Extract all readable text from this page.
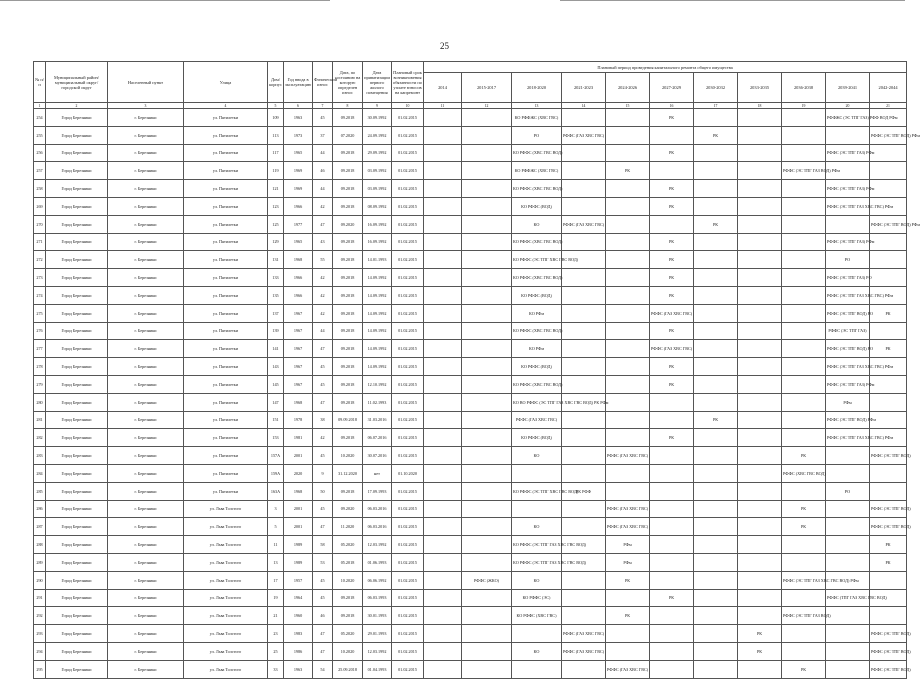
25
№ п/п	Муниципальный район/ муниципальный округ/ городской округ	Населенный пункт	Улица	Дом/ корпус	Год ввода в эксплуатацию	Физический износ	Дата, по состоянию на которую определен износ	Дата приватизации первого жилого помещения	Плановый срок возникновения обязанности по уплате взносов на капремонт	Плановый период проведения капитального ремонта общего имущества										
										2014	2015-2017	2018-2020	2021-2023	2024-2026	2027-2029	2030-2032	2033-2035	2036-2038	2039-2041	2042-2044
1	2	3	4	5	6	7	8	9	10	11	12	13	14	15	16	17	18	19	20	21
254	Город Березники	г. Березники	ул. Пятилетки	109	1963	45	09.2018	30.09.1992	01.02.2015			КО РФФЖС (ХВС ГВС)			РК				РФФЖС (ЭС ТПГ ГАЗ) РФФ ВОД РФм	
255	Город Березники	г. Березники	ул. Пятилетки	113	1973	37	07.2020	24.09.1992	01.02.2015			РО	РФФС (ГАЗ ХВС ГВС)			РК				РФФС (ЭС ТПГ ВОД) РФм
256	Город Березники	г. Березники	ул. Пятилетки	117	1965	44	09.2018	29.09.1992	01.02.2015			КО РФФС (ХВС ГВС ВОД)			РК				РФФС (ЭС ТПГ ГАЗ) РФм	
257	Город Березники	г. Березники	ул. Пятилетки	119	1969	46	09.2018	03.09.1992	01.02.2015			КО РФФЖС (ХВС ГВС)		РК				РФФС (ЭС ТПГ ГАЗ ВОД) РФм		
258	Город Березники	г. Березники	ул. Пятилетки	121	1969	44	09.2018	03.09.1992	01.02.2015			КО РФФС (ХВС ГВС ВОД)			РК				РФФС (ЭС ТПГ ГАЗ) РФм	
269	Город Березники	г. Березники	ул. Пятилетки	123	1966	42	09.2018	08.09.1992	01.02.2015			КО РФФС (ВОД)			РК				РФФС (ЭС ТПГ ГАЗ ХВС ГВС) РФм	
270	Город Березники	г. Березники	ул. Пятилетки	125	1977	47	09.2020	16.09.1992	01.02.2015			КО	РФФС (ГАЗ ХВС ГВС)			РК				РФФС (ЭС ТПГ ВОД) РФм
271	Город Березники	г. Березники	ул. Пятилетки	129	1965	43	09.2018	16.09.1992	01.02.2015			КО РФФС (ХВС ГВС ВОД)			РК				РФФС (ЭС ТПГ ГАЗ) РФм	
272	Город Березники	г. Березники	ул. Пятилетки	131	1968	55	09.2018	14.01.1993	01.02.2015			КО РФФС (ЭС ТПГ ХВС ГВС ВОД)			РК				РО	
273	Город Березники	г. Березники	ул. Пятилетки	133	1966	42	09.2018	14.09.1992	01.02.2015			КО РФФС (ХВС ГВС ВОД)			РК				РФФС (ЭС ТПГ ГАЗ) РО	
274	Город Березники	г. Березники	ул. Пятилетки	135	1966	42	09.2018	14.09.1992	01.02.2015			КО РФФС (ВОД)			РК				РФФС (ЭС ТПГ ГАЗ ХВС ГВС) РФм	
275	Город Березники	г. Березники	ул. Пятилетки	137	1967	42	09.2018	14.09.1992	01.02.2015			КО РФм			РФФС (ГАЗ ХВС ГВС)				РФФС (ЭС ТПГ ВОД) РО	РК
276	Город Березники	г. Березники	ул. Пятилетки	139	1967	44	09.2018	14.09.1992	01.02.2015			КО РФФС (ХВС ГВС ВОД)			РК				РФФС (ЭС ТПГ ГАЗ)	
277	Город Березники	г. Березники	ул. Пятилетки	141	1967	47	09.2018	14.09.1992	01.02.2015			КО РФм			РФФС (ГАЗ ХВС ГВС)				РФФС (ЭС ТПГ ВОД) РО	РК
278	Город Березники	г. Березники	ул. Пятилетки	143	1967	45	09.2018	14.09.1992	01.02.2015			КО РФФС (ВОД)			РК				РФФС (ЭС ТПГ ГАЗ ХВС ГВС) РФм	
279	Город Березники	г. Березники	ул. Пятилетки	145	1967	45	09.2018	12.10.1992	01.02.2015			КО РФФС (ХВС ГВС ВОД)			РК				РФФС (ЭС ТПГ ГАЗ) РФм	
280	Город Березники	г. Березники	ул. Пятилетки	147	1968	47	09.2018	11.02.1993	01.02.2015			КО ВО РФФС (ЭС ТПГ ГАЗ ХВС ГВС ВОД) РК РФм							РФм	
281	Город Березники	г. Березники	ул. Пятилетки	151	1978	38	09.09.2018	31.03.2016	01.02.2015			РФФС (ГАЗ ХВС ГВС)				РК			РФФС (ЭС ТПГ ВОД) РФм	
282	Город Березники	г. Березники	ул. Пятилетки	153	1981	42	09.2018	06.07.2016	01.02.2015			КО РФФС (ВОД)			РК				РФФС (ЭС ТПГ ГАЗ ХВС ГВС) РФм	
283	Город Березники	г. Березники	ул. Пятилетки	157А	2001	45	10.2020	30.07.2016	01.02.2015			КО		РФФС (ГАЗ ХВС ГВС)				РК		РФФС (ЭС ТПГ ВОД)
284	Город Березники	г. Березники	ул. Пятилетки	159А	2020	9	31.12.2020	нет	01.10.2020									РФФС (ХВС ГВС ВОД)		
285	Город Березники	г. Березники	ул. Пятилетки	163А	1968	50	09.2018	17.09.1993	01.02.2015			КО РФФС (ЭС ТПГ ХВС ГВС ВОД)	РК РФФ						РО	
286	Город Березники	г. Березники	ул. Льва Толстого	3	2001	45	09.2020	06.03.2016	01.02.2015					РФФС (ГАЗ ХВС ГВС)				РК		РФФС (ЭС ТПГ ВОД)
287	Город Березники	г. Березники	ул. Льва Толстого	5	2001	47	11.2020	06.03.2016	01.02.2015			КО		РФФС (ГАЗ ХВС ГВС)				РК		РФФС (ЭС ТПГ ВОД)
288	Город Березники	г. Березники	ул. Льва Толстого	11	1989	58	05.2020	12.03.1992	01.02.2015			КО РФФС (ЭС ТПГ ГАЗ ХВС ГВС ВОД)		РФм						РК
289	Город Березники	г. Березники	ул. Льва Толстого	13	1989	53	05.2018	01.06.1993	01.02.2015			КО РФФС (ЭС ТПГ ГАЗ ХВС ГВС ВОД)		РФм						РК
290	Город Березники	г. Березники	ул. Льва Толстого	17	1957	45	10.2020	06.06.1992	01.02.2015		РФФС (ЖКО)	КО		РК				РФФС (ЭС ТПГ ГАЗ ХВС ГВС ВОД) РФм		
291	Город Березники	г. Березники	ул. Льва Толстого	19	1964	45	09.2018	06.03.1993	01.02.2015			КО РФФС (ЭС)			РК				РФФС (ТПГ ГАЗ ХВС ГВС ВОД)	
292	Город Березники	г. Березники	ул. Льва Толстого	21	1960	46	09.2018	30.01.1993	01.02.2015			КО РФФС (ХВС ГВС)		РК				РФФС (ЭС ТПГ ГАЗ ВОД)		
293	Город Березники	г. Березники	ул. Льва Толстого	23	1983	47	05.2020	29.01.1993	01.02.2015				РФФС (ГАЗ ХВС ГВС)				РК			РФФС (ЭС ТПГ ВОД)
294	Город Березники	г. Березники	ул. Льва Толстого	25	1986	47	10.2020	12.03.1992	01.02.2015			КО	РФФС (ГАЗ ХВС ГВС)				РК			РФФС (ЭС ТПГ ВОД)
295	Город Березники	г. Березники	ул. Льва Толстого	33	1963	54	25.09.2018	01.04.1993	01.02.2015					РФФС (ГАЗ ХВС ГВС)				РК		РФФС (ЭС ТПГ ВОД)
